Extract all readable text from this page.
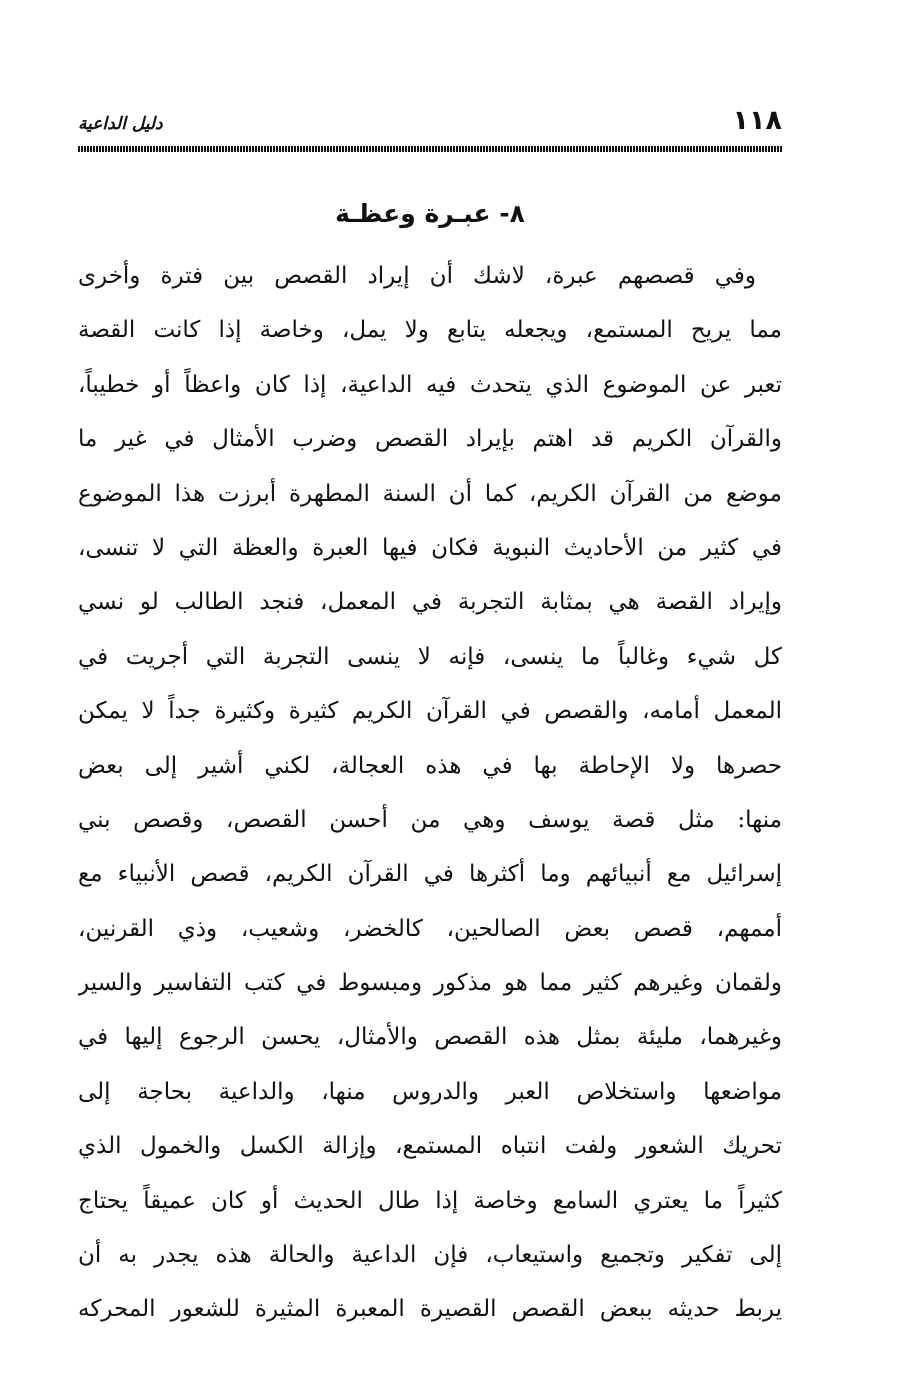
١١٨
دليل الداعية
٨- عبـرة وعظـة
وفي قصصهم عبرة، لاشك أن إيراد القصص بين فترة وأخرى
مما يريح المستمع، ويجعله يتابع ولا يمل، وخاصة إذا كانت القصة
تعبر عن الموضوع الذي يتحدث فيه الداعية، إذا كان واعظاً أو خطيباً،
والقرآن الكريم قد اهتم بإيراد القصص وضرب الأمثال في غير ما
موضع من القرآن الكريم، كما أن السنة المطهرة أبرزت هذا الموضوع
في كثير من الأحاديث النبوية فكان فيها العبرة والعظة التي لا تنسى،
وإيراد القصة هي بمثابة التجربة في المعمل، فنجد الطالب لو نسي
كل شيء وغالباً ما ينسى، فإنه لا ينسى التجربة التي أجريت في
المعمل أمامه، والقصص في القرآن الكريم كثيرة وكثيرة جداً لا يمكن
حصرها ولا الإحاطة بها في هذه العجالة، لكني أشير إلى بعض
منها: مثل قصة يوسف وهي من أحسن القصص، وقصص بني
إسرائيل مع أنبيائهم وما أكثرها في القرآن الكريم، قصص الأنبياء مع
أممهم، قصص بعض الصالحين، كالخضر، وشعيب، وذي القرنين،
ولقمان وغيرهم كثير مما هو مذكور ومبسوط في كتب التفاسير والسير
وغيرهما، مليئة بمثل هذه القصص والأمثال، يحسن الرجوع إليها في
مواضعها واستخلاص العبر والدروس منها، والداعية بحاجة إلى
تحريك الشعور ولفت انتباه المستمع، وإزالة الكسل والخمول الذي
كثيراً ما يعتري السامع وخاصة إذا طال الحديث أو كان عميقاً يحتاج
إلى تفكير وتجميع واستيعاب، فإن الداعية والحالة هذه يجدر به أن
يربط حديثه ببعض القصص القصيرة المعبرة المثيرة للشعور المحركه
